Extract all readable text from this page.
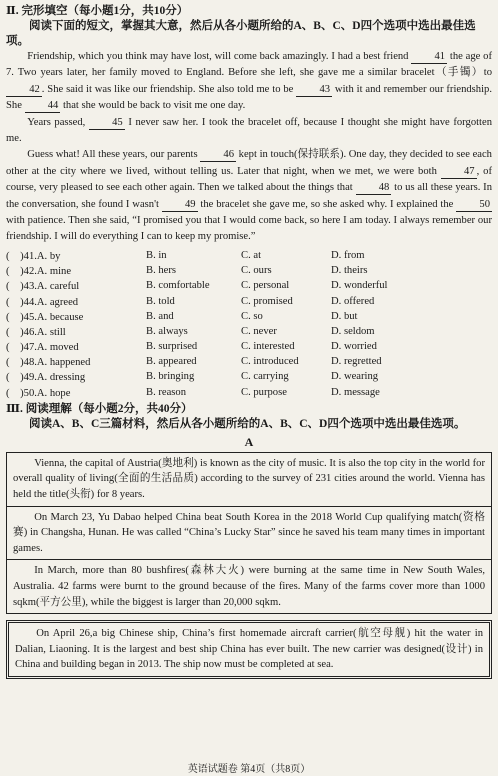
Ⅱ. 完形填空（每小题1分，共10分）

阅读下面的短文，掌握其大意，然后从各小题所给的A、B、C、D四个选项中选出最佳选项。

Friendship, which you think may have lost, will come back amazingly. I had a best friend 41 the age of 7. Two years later, her family moved to England. Before she left, she gave me a similar bracelet（手镯）to 42 . She said it was like our friendship. She also told me to be 43 with it and remember our friendship. She 44 that she would be back to visit me one day.

Years passed, 45 I never saw her. I took the bracelet off, because I thought she might have forgotten me.

Guess what! All these years, our parents 46 kept in touch(保持联系). One day, they decided to see each other at the city where we lived, without telling us. Later that night, when we met, we were both 47 , of course, very pleased to see each other again. Then we talked about the things that 48 to us all these years. In the conversation, she found I wasn't 49 the bracelet she gave me, so she asked why. I explained the 50 with patience. Then she said, “I promised you that I would come back, so here I am today. I always remember our friendship. I will do everything I can to keep my promise.”

(　)41.A. by	B. in	C. at	D. from
(　)42.A. mine	B. hers	C. ours	D. theirs
(　)43.A. careful	B. comfortable	C. personal	D. wonderful
(　)44.A. agreed	B. told	C. promised	D. offered
(　)45.A. because	B. and	C. so	D. but
(　)46.A. still	B. always	C. never	D. seldom
(　)47.A. moved	B. surprised	C. interested	D. worried
(　)48.A. happened	B. appeared	C. introduced	D. regretted
(　)49.A. dressing	B. bringing	C. carrying	D. wearing
(　)50.A. hope	B. reason	C. purpose	D. message

Ⅲ. 阅读理解（每小题2分，共40分）

阅读A、B、C三篇材料，然后从各小题所给的A、B、C、D四个选项中选出最佳选项。

A
Vienna, the capital of Austria(奥地利) is known as the city of music. It is also the top city in the world for overall quality of living(全面的生活品质) according to the survey of 231 cities around the world. Vienna has held the title(头衔) for 8 years.
On March 23, Yu Dabao helped China beat South Korea in the 2018 World Cup qualifying match(资格赛) in Changsha, Hunan. He was called “China’s Lucky Star” since he saved his team many times in important games.
In March, more than 80 bushfires(森林大火) were burning at the same time in New South Wales, Australia. 42 farms were burnt to the ground because of the fires. Many of the farms cover more than 1000 sqkm(平方公里), while the biggest is larger than 20,000 sqkm.
On April 26,a big Chinese ship, China’s first homemade aircraft carrier(航空母舰) hit the water in Dalian, Liaoning. It is the largest and best ship China has ever built. The new carrier was designed(设计) in China and building began in 2013. The ship now must be completed at sea.
英语试题卷 第4页（共8页）
